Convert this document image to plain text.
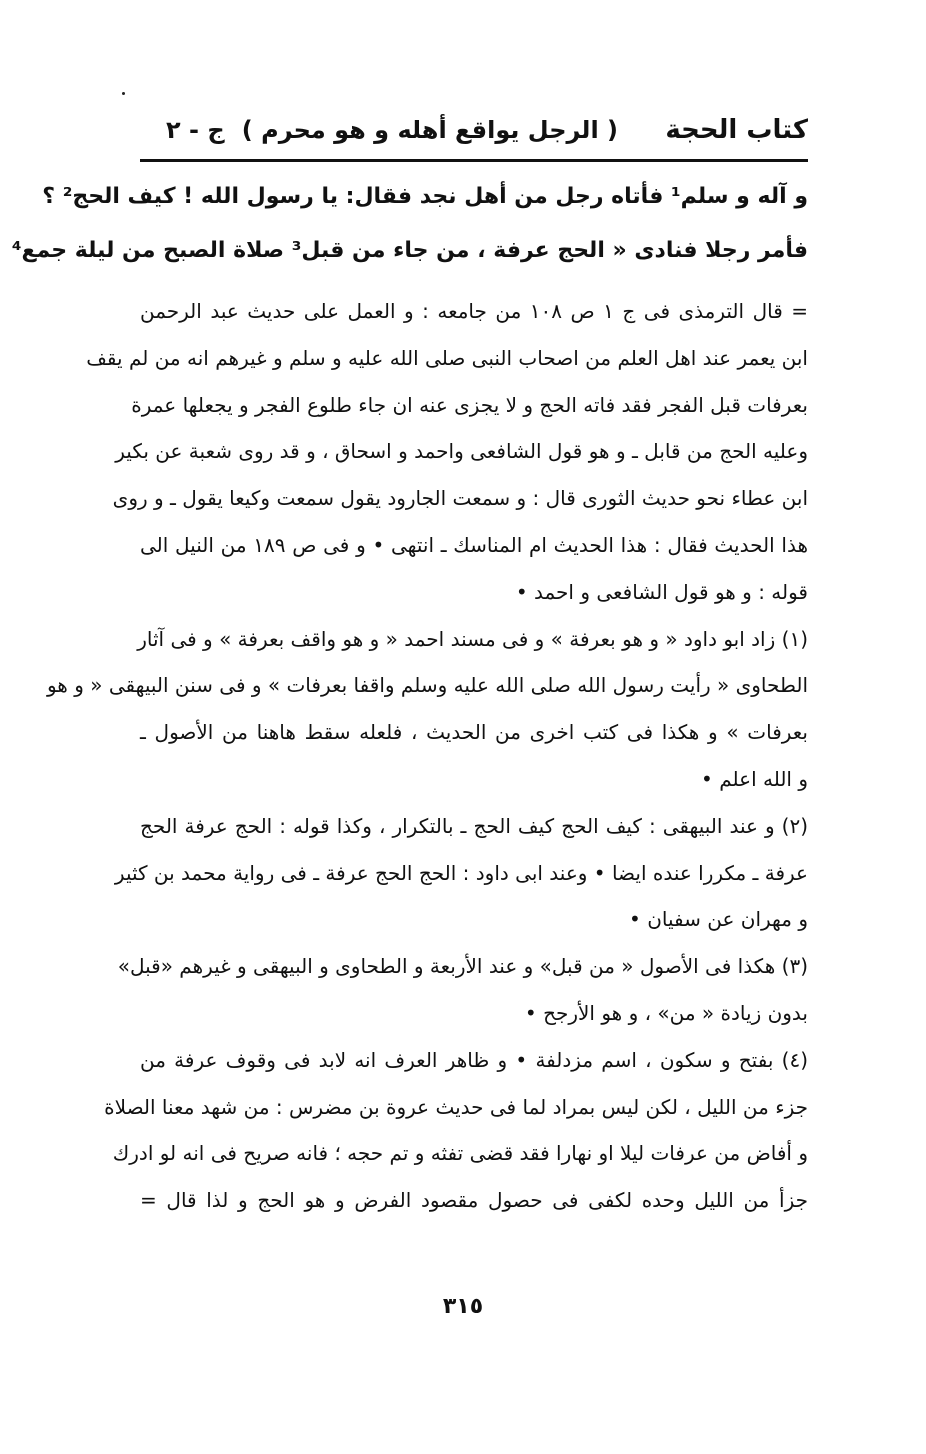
كتاب الحجة
( الرجل يواقع أهله و هو محرم )
ج - ٢
و آله و سلم¹ فأتاه رجل من أهل نجد فقال: يا رسول الله ! كيف الحج² ؟
فأمر رجلا فنادى « الحج عرفة ، من جاء من قبل³ صلاة الصبح من ليلة جمع⁴
= قال الترمذى فى ج ١ ص ١٠٨ من جامعه : و العمل على حديث عبد الرحمن
ابن يعمر عند اهل العلم من اصحاب النبى صلى الله عليه و سلم و غيرهم انه من لم يقف
بعرفات قبل الفجر فقد فاته الحج و لا يجزى عنه ان جاء طلوع الفجر و يجعلها عمرة
وعليه الحج من قابل ـ و هو قول الشافعى واحمد و اسحاق ، و قد روى شعبة عن بكير
ابن عطاء نحو حديث الثورى قال : و سمعت الجارود يقول سمعت وكيعا يقول ـ و روى
هذا الحديث فقال : هذا الحديث ام المناسك ـ انتهى • و فى ص ١٨٩ من النيل الى
قوله : و هو قول الشافعى و احمد •
(١) زاد ابو داود « و هو بعرفة » و فى مسند احمد « و هو واقف بعرفة » و فى آثار
الطحاوى « رأيت رسول الله صلى الله عليه وسلم واقفا بعرفات » و فى سنن البيهقى « و هو
بعرفات » و هكذا فى كتب اخرى من الحديث ، فلعله سقط هاهنا من الأصول ـ
و الله اعلم •
(٢) و عند البيهقى : كيف الحج كيف الحج ـ بالتكرار ، وكذا قوله : الحج عرفة الحج
عرفة ـ مكررا عنده ايضا • وعند ابى داود : الحج الحج عرفة ـ فى رواية محمد بن كثير
و مهران عن سفيان •
(٣) هكذا فى الأصول « من قبل» و عند الأربعة و الطحاوى و البيهقى و غيرهم «قبل»
بدون زيادة « من» ، و هو الأرجح •
(٤) بفتح و سكون ، اسم مزدلفة • و ظاهر العرف انه لابد فى وقوف عرفة من
جزء من الليل ، لكن ليس بمراد لما فى حديث عروة بن مضرس : من شهد معنا الصلاة
و أفاض من عرفات ليلا او نهارا فقد قضى تفثه و تم حجه ؛ فانه صريح فى انه لو ادرك
جزأ من الليل وحده لكفى فى حصول مقصود الفرض و هو الحج و لذا قال =
٣١٥
